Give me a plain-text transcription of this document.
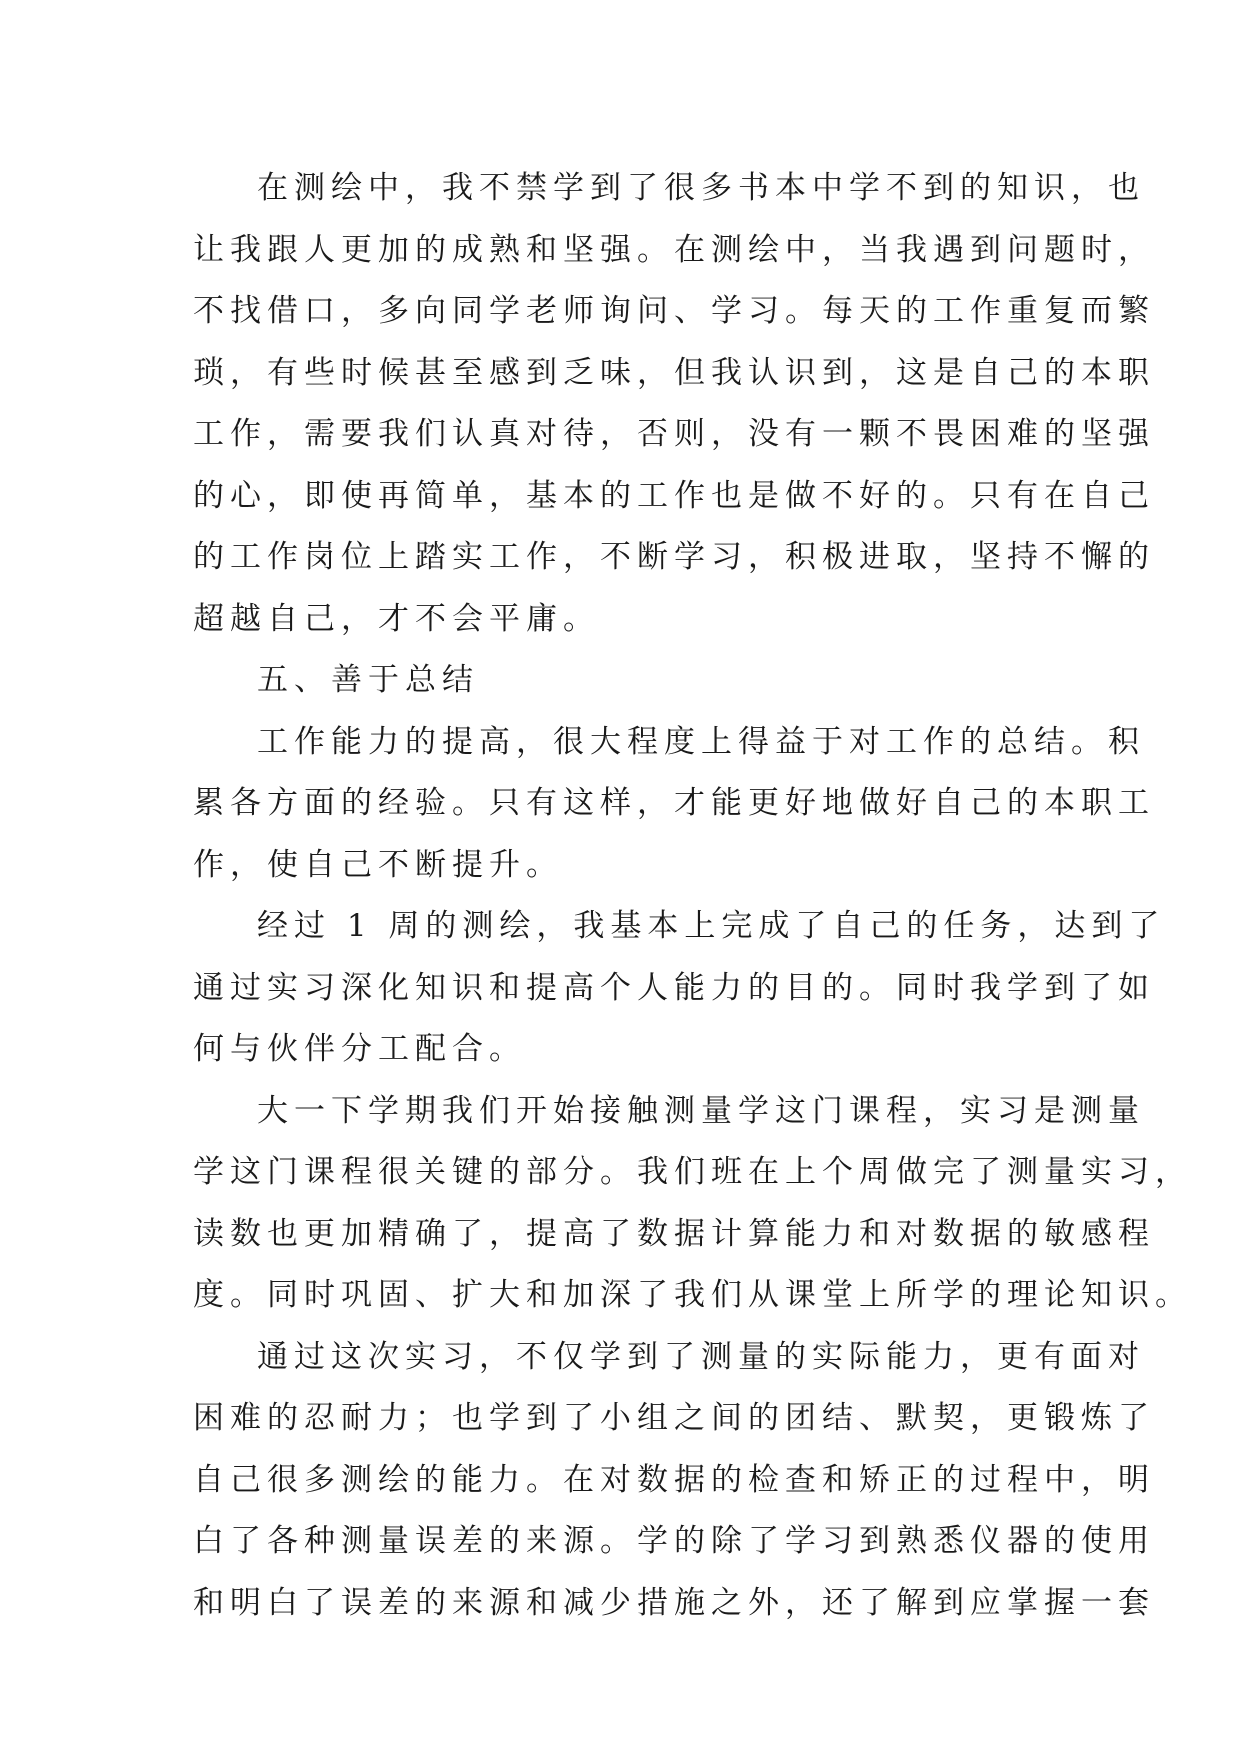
在测绘中，我不禁学到了很多书本中学不到的知识，也
让我跟人更加的成熟和坚强。在测绘中，当我遇到问题时，
不找借口，多向同学老师询问、学习。每天的工作重复而繁
琐，有些时候甚至感到乏味，但我认识到，这是自己的本职
工作，需要我们认真对待，否则，没有一颗不畏困难的坚强
的心，即使再简单，基本的工作也是做不好的。只有在自己
的工作岗位上踏实工作，不断学习，积极进取，坚持不懈的
超越自己，才不会平庸。

五、善于总结

工作能力的提高，很大程度上得益于对工作的总结。积
累各方面的经验。只有这样，才能更好地做好自己的本职工
作，使自己不断提升。

经过 1 周的测绘，我基本上完成了自己的任务，达到了
通过实习深化知识和提高个人能力的目的。同时我学到了如
何与伙伴分工配合。

大一下学期我们开始接触测量学这门课程，实习是测量
学这门课程很关键的部分。我们班在上个周做完了测量实习，
读数也更加精确了，提高了数据计算能力和对数据的敏感程
度。同时巩固、扩大和加深了我们从课堂上所学的理论知识。

通过这次实习，不仅学到了测量的实际能力，更有面对
困难的忍耐力；也学到了小组之间的团结、默契，更锻炼了
自己很多测绘的能力。在对数据的检查和矫正的过程中，明
白了各种测量误差的来源。学的除了学习到熟悉仪器的使用
和明白了误差的来源和减少措施之外，还了解到应掌握一套
